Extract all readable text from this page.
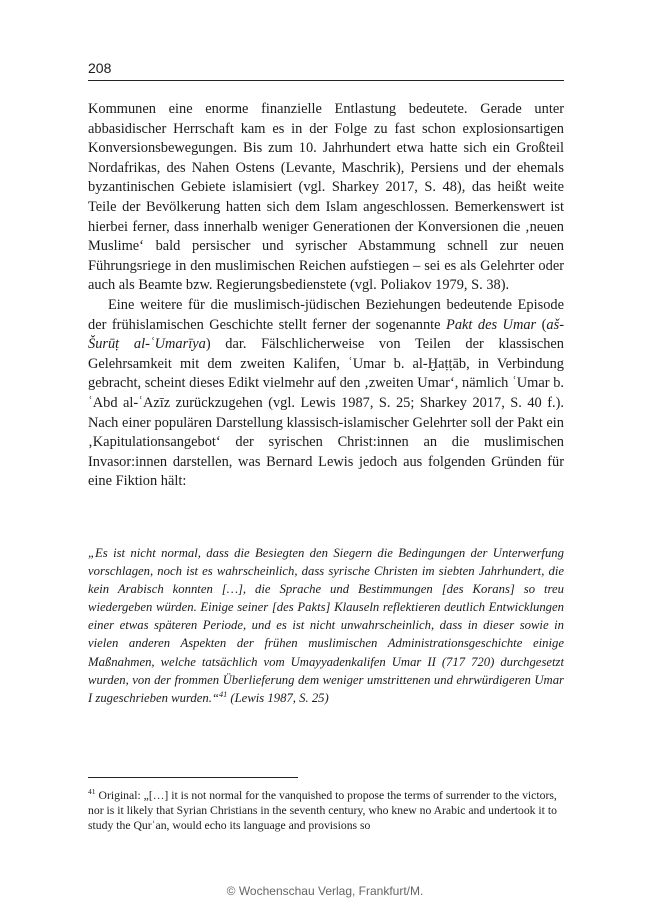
208

Kommunen eine enorme finanzielle Entlastung bedeutete. Gerade unter abbasidischer Herrschaft kam es in der Folge zu fast schon explosionsartigen Konversionsbewegungen. Bis zum 10. Jahrhundert etwa hatte sich ein Großteil Nordafrikas, des Nahen Ostens (Levante, Maschrik), Persiens und der ehemals byzantinischen Gebiete islamisiert (vgl. Sharkey 2017, S. 48), das heißt weite Teile der Bevölkerung hatten sich dem Islam angeschlossen. Bemerkenswert ist hierbei ferner, dass innerhalb weniger Generationen der Konversionen die ‚neuen Muslime‘ bald persischer und syrischer Abstammung schnell zur neuen Führungsriege in den muslimischen Reichen aufstiegen – sei es als Gelehrter oder auch als Beamte bzw. Regierungsbedienstete (vgl. Poliakov 1979, S. 38).

Eine weitere für die muslimisch-jüdischen Beziehungen bedeutende Episode der frühislamischen Geschichte stellt ferner der sogenannte Pakt des Umar (aš-Šurūṭ al-ʿUmarīya) dar. Fälschlicherweise von Teilen der klassischen Gelehrsamkeit mit dem zweiten Kalifen, ʿUmar b. al-Ḫaṭṭāb, in Verbindung gebracht, scheint dieses Edikt vielmehr auf den ‚zweiten Umar‘, nämlich ʿUmar b. ʿAbd al-ʿAzīz zurückzugehen (vgl. Lewis 1987, S. 25; Sharkey 2017, S. 40 f.). Nach einer populären Darstellung klassisch-islamischer Gelehrter soll der Pakt ein ‚Kapitulationsangebot‘ der syrischen Christ:innen an die muslimischen Invasor:innen darstellen, was Bernard Lewis jedoch aus folgenden Gründen für eine Fiktion hält:

„Es ist nicht normal, dass die Besiegten den Siegern die Bedingungen der Unterwerfung vorschlagen, noch ist es wahrscheinlich, dass syrische Christen im siebten Jahrhundert, die kein Arabisch konnten […], die Sprache und Bestimmungen [des Korans] so treu wiedergeben würden. Einige seiner [des Pakts] Klauseln reflektieren deutlich Entwicklungen einer etwas späteren Periode, und es ist nicht unwahrscheinlich, dass in dieser sowie in vielen anderen Aspekten der frühen muslimischen Administrationsgeschichte einige Maßnahmen, welche tatsächlich vom Umayyadenkalifen Umar II (717 720) durchgesetzt wurden, von der frommen Überlieferung dem weniger umstrittenen und ehrwürdigeren Umar I zugeschrieben wurden.“$^{41}$ (Lewis 1987, S. 25)

$^{41}$ Original: „[…] it is not normal for the vanquished to propose the terms of surrender to the victors, nor is it likely that Syrian Christians in the seventh century, who knew no Arabic and undertook it to study the Qurʾan, would echo its language and provisions so

© Wochenschau Verlag, Frankfurt/M.
